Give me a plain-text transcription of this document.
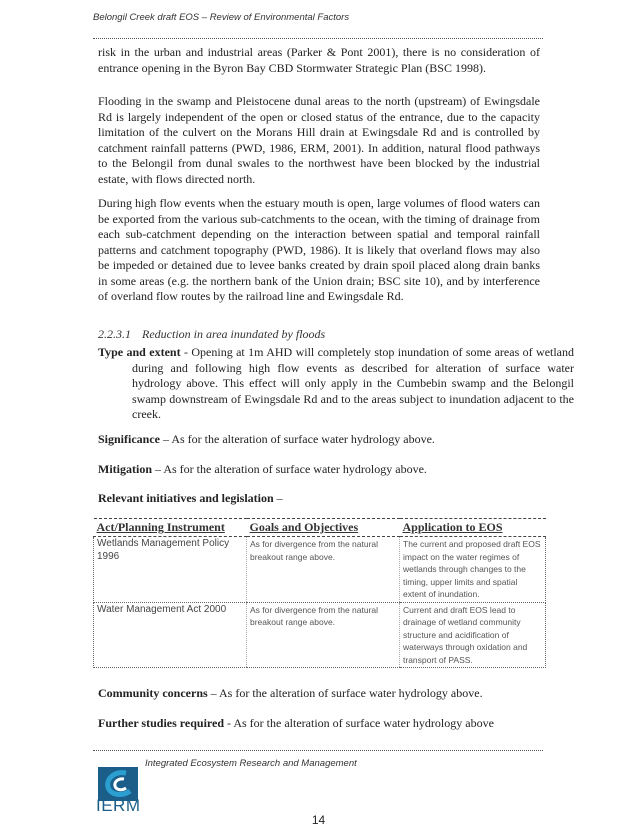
Belongil Creek draft EOS – Review of Environmental Factors

risk in the urban and industrial areas (Parker & Pont 2001), there is no consideration of entrance opening in the Byron Bay CBD Stormwater Strategic Plan (BSC 1998).

Flooding in the swamp and Pleistocene dunal areas to the north (upstream) of Ewingsdale Rd is largely independent of the open or closed status of the entrance, due to the capacity limitation of the culvert on the Morans Hill drain at Ewingsdale Rd and is controlled by catchment rainfall patterns (PWD, 1986, ERM, 2001). In addition, natural flood pathways to the Belongil from dunal swales to the northwest have been blocked by the industrial estate, with flows directed north.

During high flow events when the estuary mouth is open, large volumes of flood waters can be exported from the various sub-catchments to the ocean, with the timing of drainage from each sub-catchment depending on the interaction between spatial and temporal rainfall patterns and catchment topography (PWD, 1986). It is likely that overland flows may also be impeded or detained due to levee banks created by drain spoil placed along drain banks in some areas (e.g. the northern bank of the Union drain; BSC site 10), and by interference of overland flow routes by the railroad line and Ewingsdale Rd.

2.2.3.1 Reduction in area inundated by floods

Type and extent - Opening at 1m AHD will completely stop inundation of some areas of wetland during and following high flow events as described for alteration of surface water hydrology above. This effect will only apply in the Cumbebin swamp and the Belongil swamp downstream of Ewingsdale Rd and to the areas subject to inundation adjacent to the creek.

Significance – As for the alteration of surface water hydrology above.

Mitigation – As for the alteration of surface water hydrology above.

Relevant initiatives and legislation –

Act/Planning Instrument	Goals and Objectives	Application to EOS
Wetlands Management Policy 1996	As for divergence from the natural breakout range above.	The current and proposed draft EOS impact on the water regimes of wetlands through changes to the timing, upper limits and spatial extent of inundation.
Water Management Act 2000	As for divergence from the natural breakout range above.	Current and draft EOS lead to drainage of wetland community structure and acidification of waterways through oxidation and transport of PASS.

Community concerns – As for the alteration of surface water hydrology above.

Further studies required - As for the alteration of surface water hydrology above

IERM
Integrated Ecosystem Research and Management
14
